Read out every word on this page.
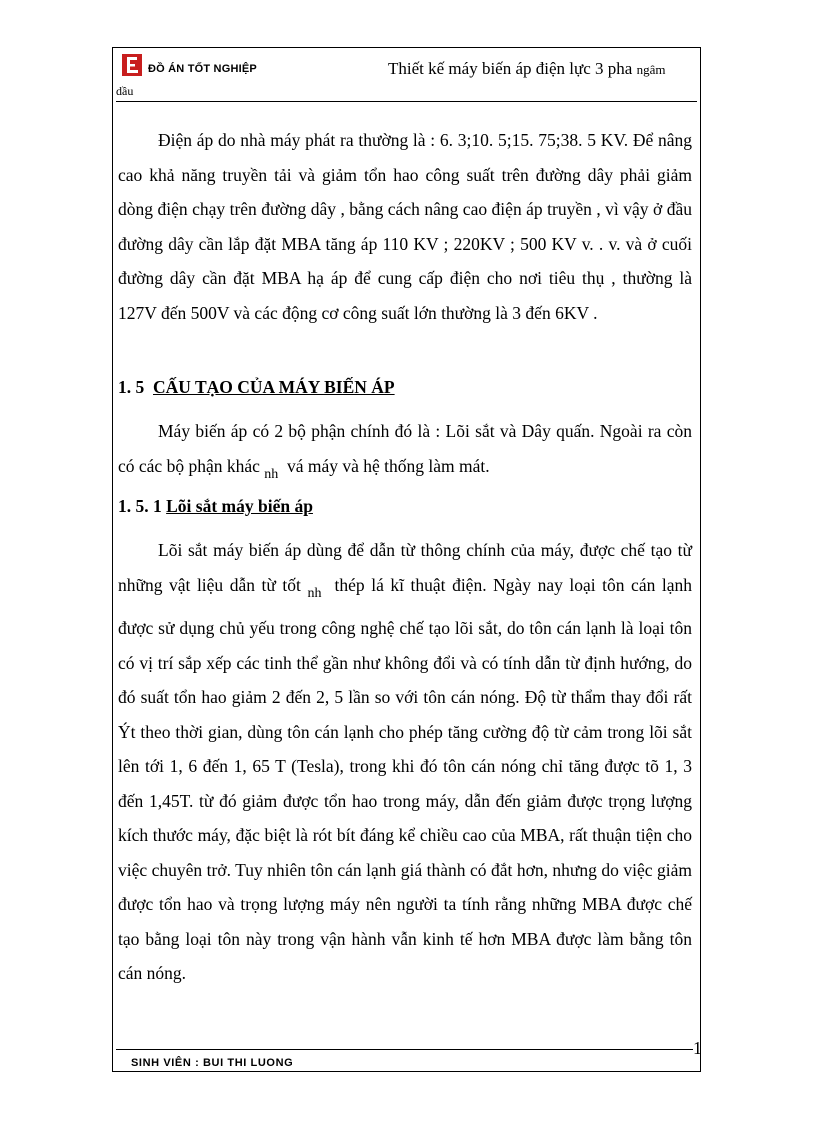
ĐỒ ÁN TỐT NGHIỆP	Thiết kế máy biến áp điện lực 3 pha ngâm
dầu

Điện áp do nhà máy phát ra thường là : 6. 3;10. 5;15. 75;38. 5 KV. Để nâng cao khả năng truyền tải và giảm tổn hao công suất trên đường dây phải giảm dòng điện chạy trên đường dây , bằng cách nâng cao điện áp truyền , vì vậy ở đầu đường dây cần lắp đặt MBA tăng áp 110 KV ; 220KV ; 500 KV v. . v. và ở cuối đường dây cần đặt MBA hạ áp để cung cấp điện cho nơi tiêu thụ , thường là 127V đến 500V và các động cơ công suất lớn thường là 3 đến 6KV .

1. 5 CẤU TẠO CỦA MÁY BIẾN ÁP

Máy biến áp có 2 bộ phận chính đó là : Lõi sắt và Dây quấn. Ngoài ra còn có các bộ phận khác $_{nh}$ vá máy và hệ thống làm mát.

1. 5. 1 Lõi sắt máy biến áp

Lõi sắt máy biến áp dùng để dẫn từ thông chính của máy, được chế tạo từ những vật liệu dẫn từ tốt $_{nh}$ thép lá kĩ thuật điện. Ngày nay loại tôn cán lạnh được sử dụng chủ yếu trong công nghệ chế tạo lõi sắt, do tôn cán lạnh là loại tôn có vị trí sắp xếp các tinh thể gần như không đổi và có tính dẫn từ định hướng, do đó suất tổn hao giảm 2 đến 2, 5 lần so với tôn cán nóng. Độ từ thẩm thay đổi rất Ýt theo thời gian, dùng tôn cán lạnh cho phép tăng cường độ từ cảm trong lõi sắt lên tới 1, 6 đến 1, 65 T (Tesla), trong khi đó tôn cán nóng chỉ tăng được tõ 1, 3 đến 1,45T. từ đó giảm được tổn hao trong máy, dẫn đến giảm được trọng lượng kích thước máy, đặc biệt là rót bít đáng kể chiều cao của MBA, rất thuận tiện cho việc chuyên trở. Tuy nhiên tôn cán lạnh giá thành có đắt hơn, nhưng do việc giảm được tổn hao và trọng lượng máy nên người ta tính rằng những MBA được chế tạo bằng loại tôn này trong vận hành vẫn kinh tế hơn MBA được làm bằng tôn cán nóng.

1
SINH VIÊN : BUI THI LUONG
